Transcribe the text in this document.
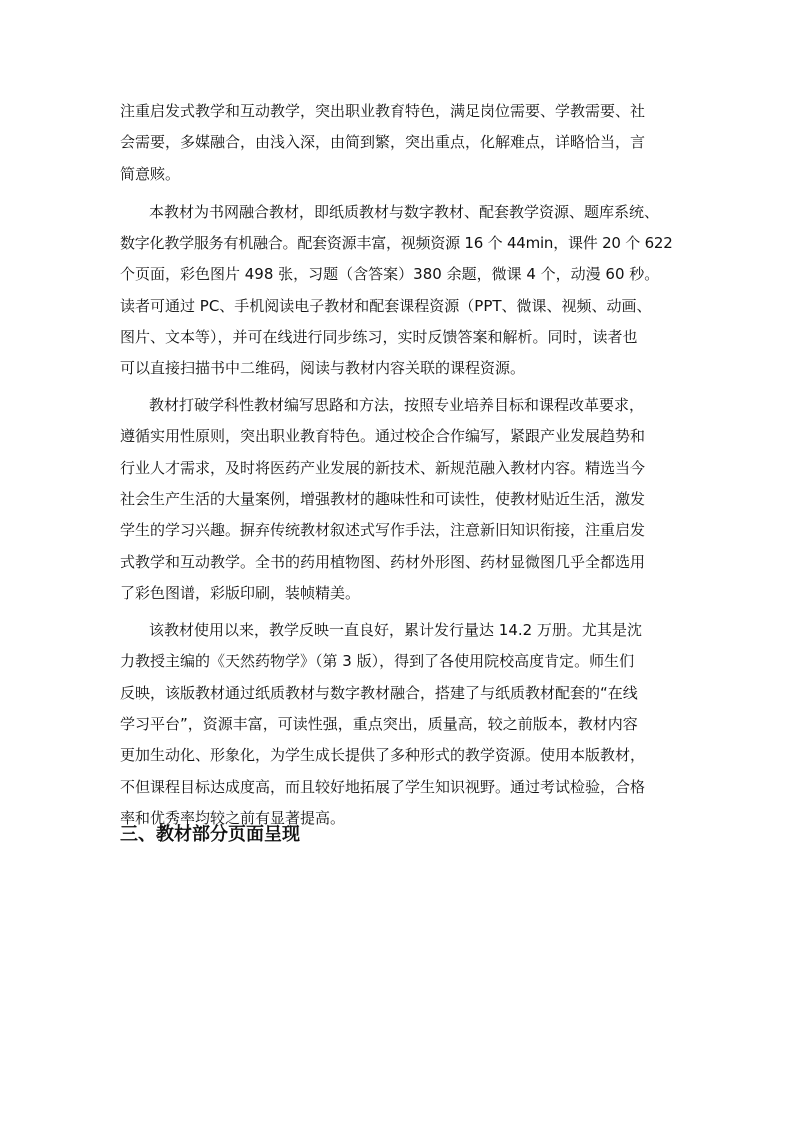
注重启发式教学和互动教学，突出职业教育特色，满足岗位需要、学教需要、社
会需要，多媒融合，由浅入深，由简到繁，突出重点，化解难点，详略恰当，言
简意赅。
本教材为书网融合教材，即纸质教材与数字教材、配套教学资源、题库系统、
数字化教学服务有机融合。配套资源丰富，视频资源 16 个 44min，课件 20 个 622
个页面，彩色图片 498 张，习题（含答案）380 余题，微课 4 个，动漫 60 秒。
读者可通过 PC、手机阅读电子教材和配套课程资源（PPT、微课、视频、动画、
图片、文本等），并可在线进行同步练习，实时反馈答案和解析。同时，读者也
可以直接扫描书中二维码，阅读与教材内容关联的课程资源。
教材打破学科性教材编写思路和方法，按照专业培养目标和课程改革要求，
遵循实用性原则，突出职业教育特色。通过校企合作编写，紧跟产业发展趋势和
行业人才需求，及时将医药产业发展的新技术、新规范融入教材内容。精选当今
社会生产生活的大量案例，增强教材的趣味性和可读性，使教材贴近生活，激发
学生的学习兴趣。摒弃传统教材叙述式写作手法，注意新旧知识衔接，注重启发
式教学和互动教学。全书的药用植物图、药材外形图、药材显微图几乎全都选用
了彩色图谱，彩版印刷，装帧精美。
该教材使用以来，教学反映一直良好，累计发行量达 14.2 万册。尤其是沈
力教授主编的《天然药物学》（第 3 版），得到了各使用院校高度肯定。师生们
反映，该版教材通过纸质教材与数字教材融合，搭建了与纸质教材配套的“在线
学习平台”，资源丰富，可读性强，重点突出，质量高，较之前版本，教材内容
更加生动化、形象化，为学生成长提供了多种形式的教学资源。使用本版教材，
不但课程目标达成度高，而且较好地拓展了学生知识视野。通过考试检验，合格
率和优秀率均较之前有显著提高。
三、教材部分页面呈现
